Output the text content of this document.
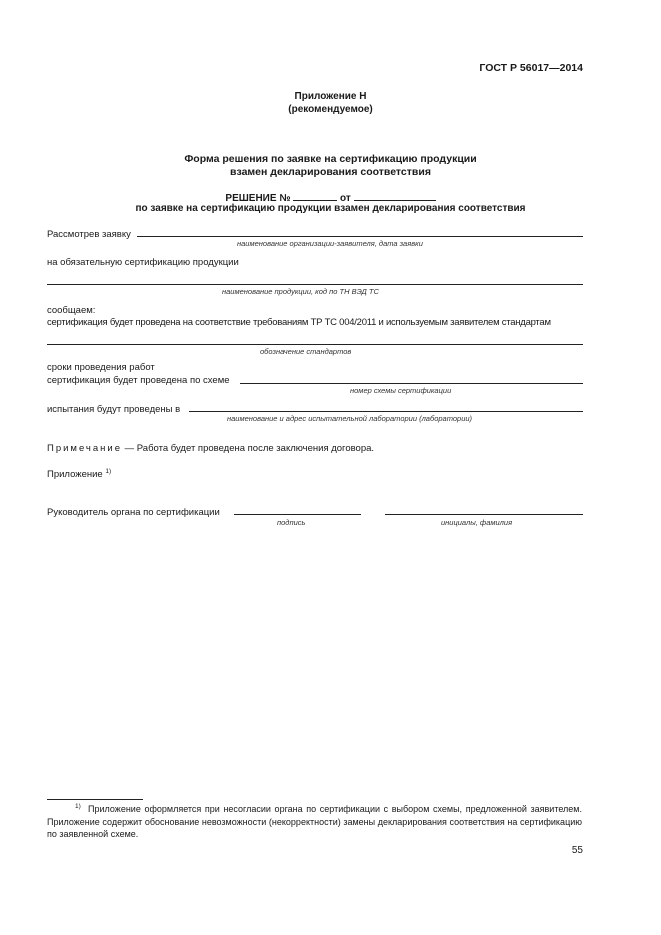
ГОСТ Р 56017—2014
Приложение Н
(рекомендуемое)
Форма решения по заявке на сертификацию продукции
взамен декларирования соответствия
РЕШЕНИЕ №	от
по заявке на сертификацию продукции взамен декларирования соответствия
Рассмотрев заявку
наименование организации-заявителя, дата заявки
на обязательную сертификацию продукции
наименование продукции, код по ТН ВЭД ТС
сообщаем:
сертификация будет проведена на соответствие требованиям ТР ТС 004/2011 и используемым заявителем стандартам
обозначение стандартов
сроки проведения работ
сертификация будет проведена по схеме
номер схемы сертификации
испытания будут проведены в
наименование и адрес испытательной лаборатории (лаборатории)
Примечание — Работа будет проведена после заключения договора.
Приложение $^{1)}$
Руководитель органа по сертификации
подпись	инициалы, фамилия
$^{1)}$ Приложение оформляется при несогласии органа по сертификации с выбором схемы, предложенной заявителем. Приложение содержит обоснование невозможности (некорректности) замены декларирования соответствия на сертификацию по заявленной схеме.
55
